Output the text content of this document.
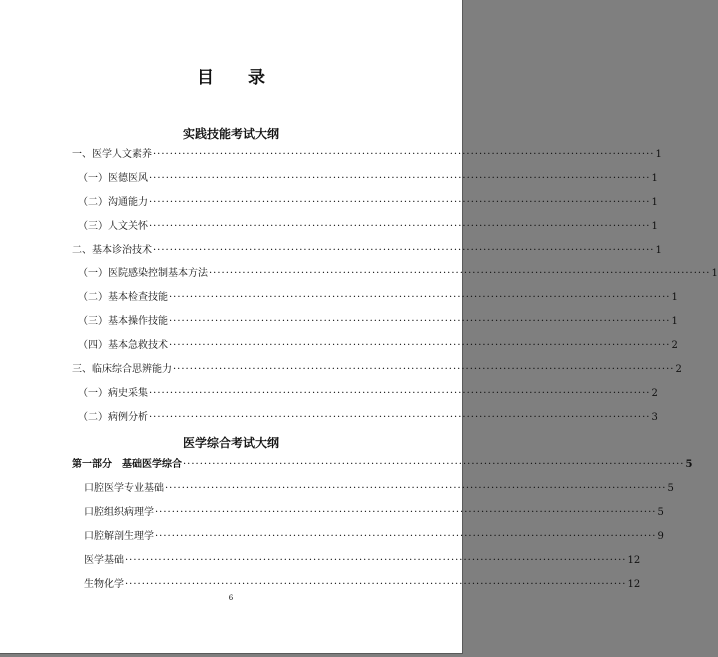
目 录
实践技能考试大纲
一、医学人文素养 ························································································································ 1
（一）医德医风 ························································································································ 1
（二）沟通能力 ························································································································ 1
（三）人文关怀 ························································································································ 1
二、基本诊治技术 ························································································································ 1
（一）医院感染控制基本方法 ························································································································ 1
（二）基本检查技能 ························································································································ 1
（三）基本操作技能 ························································································································ 1
（四）基本急救技术 ························································································································ 2
三、临床综合思辨能力 ························································································································ 2
（一）病史采集 ························································································································ 2
（二）病例分析 ························································································································ 3
医学综合考试大纲
第一部分　基础医学综合 ························································································································ 5
口腔医学专业基础 ························································································································ 5
口腔组织病理学 ························································································································ 5
口腔解剖生理学 ························································································································ 9
医学基础 ························································································································ 12
生物化学 ························································································································ 12
6
